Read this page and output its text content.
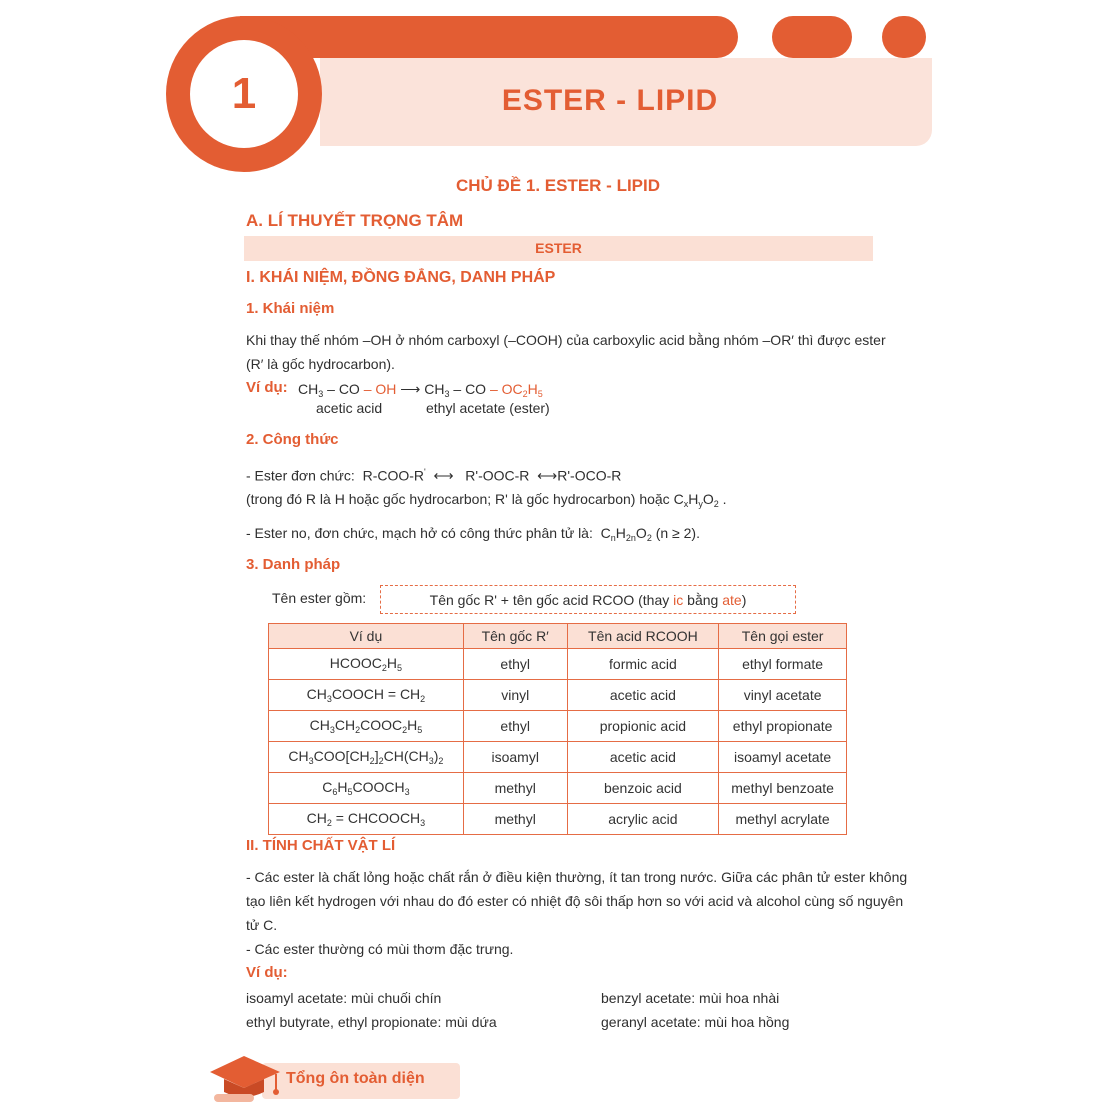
1	ESTER - LIPID
CHỦ ĐỀ 1. ESTER - LIPID
A. LÍ THUYẾT TRỌNG TÂM
ESTER
I. KHÁI NIỆM, ĐỒNG ĐẲNG, DANH PHÁP
1. Khái niệm
Khi thay thế nhóm –OH ở nhóm carboxyl (–COOH) của carboxylic acid bằng nhóm –OR′ thì được ester
(R′ là gốc hydrocarbon).
Ví dụ: $CH_3$ – CO – OH ⟶ $CH_3$ – CO – $OC_2H_5$
acetic acid	ethyl acetate (ester)
2. Công thức
- Ester đơn chức: R-COO-R'  ⟷   R'-OOC-R  ⟷R'-OCO-R
(trong đó R là H hoặc gốc hydrocarbon; R' là gốc hydrocarbon) hoặc $C_xH_yO_2$ .
- Ester no, đơn chức, mạch hở có công thức phân tử là:  $C_nH_{2n}O_2$ (n ≥ 2).
3. Danh pháp
Tên ester gồm:	Tên gốc R' + tên gốc acid RCOO (thay ic bằng ate)
Ví dụ	Tên gốc R′	Tên acid RCOOH	Tên gọi ester
$HCOOC_2H_5$	ethyl	formic acid	ethyl formate
$CH_3COOCH = CH_2$	vinyl	acetic acid	vinyl acetate
$CH_3CH_2COOC_2H_5$	ethyl	propionic acid	ethyl propionate
$CH_3COO[CH_2]_2CH(CH_3)_2$	isoamyl	acetic acid	isoamyl acetate
$C_6H_5COOCH_3$	methyl	benzoic acid	methyl benzoate
$CH_2$ = $CHCOOCH_3$	methyl	acrylic acid	methyl acrylate
II. TÍNH CHẤT VẬT LÍ
- Các ester là chất lỏng hoặc chất rắn ở điều kiện thường, ít tan trong nước. Giữa các phân tử ester không
tạo liên kết hydrogen với nhau do đó ester có nhiệt độ sôi thấp hơn so với acid và alcohol cùng số nguyên
tử C.
- Các ester thường có mùi thơm đặc trưng.
Ví dụ:
isoamyl acetate: mùi chuối chín	benzyl acetate: mùi hoa nhài
ethyl butyrate, ethyl propionate: mùi dứa	geranyl acetate: mùi hoa hồng
Tổng ôn toàn diện
